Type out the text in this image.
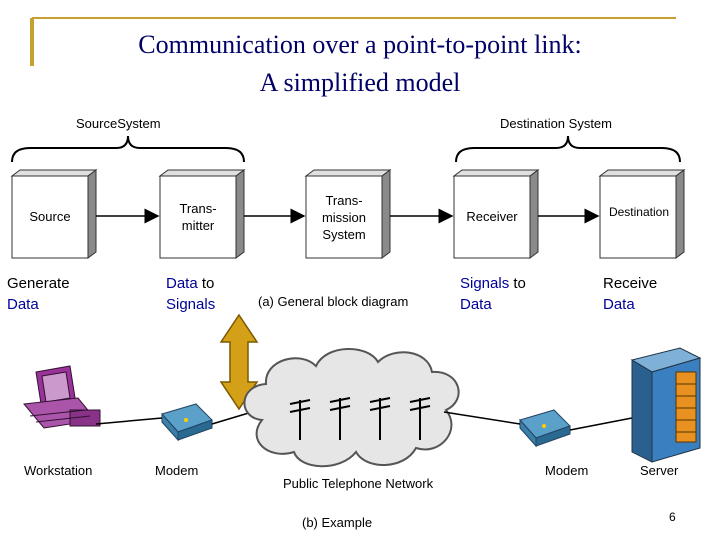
Communication over a point-to-point link:
A simplified model
SourceSystem	Destination System
Source
Trans-
mitter
Trans-
mission
System
Receiver	Destination
Generate
Data
Data to
Signals
Signals to
Data
Receive
Data
(a) General block diagram
Workstation	Modem
Public Telephone Network
Modem	Server
(b) Example	6
